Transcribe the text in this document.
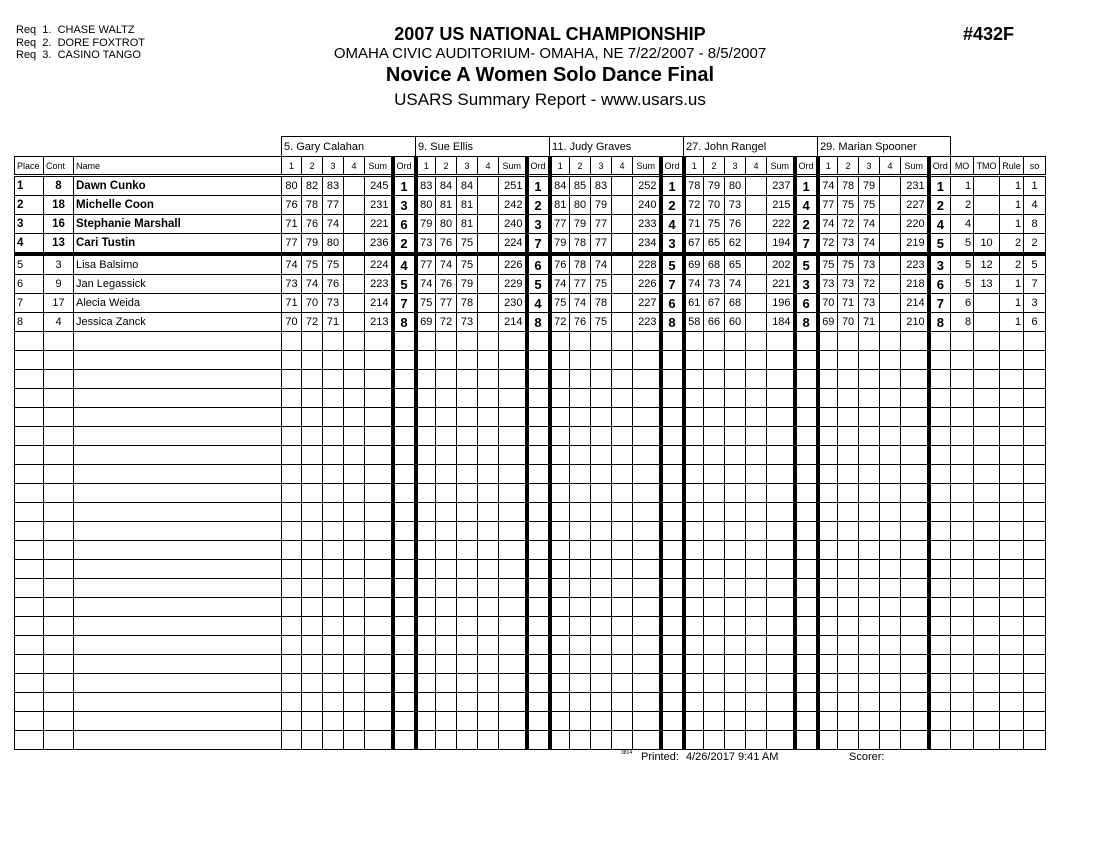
Req  1.  CHASE WALTZ
Req  2.  DORE FOXTROT
Req  3.  CASINO TANGO
2007 US NATIONAL CHAMPIONSHIP
OMAHA CIVIC AUDITORIUM- OMAHA, NE 7/22/2007 - 8/5/2007
Novice A Women Solo Dance Final
USARS Summary Report - www.usars.us
#432F
			5. Gary Calahan						9. Sue Ellis						11. Judy Graves						27. John Rangel						29. Marian Spooner									
Place	Cont	Name	1	2	3	4	Sum	Ord	1	2	3	4	Sum	Ord	1	2	3	4	Sum	Ord	1	2	3	4	Sum	Ord	1	2	3	4	Sum	Ord	MO	TMO	Rule	so
1	8	Dawn Cunko	80	82	83		245	1	83	84	84		251	1	84	85	83		252	1	78	79	80		237	1	74	78	79		231	1	1		1	1
2	18	Michelle Coon	76	78	77		231	3	80	81	81		242	2	81	80	79		240	2	72	70	73		215	4	77	75	75		227	2	2		1	4
3	16	Stephanie Marshall	71	76	74		221	6	79	80	81		240	3	77	79	77		233	4	71	75	76		222	2	74	72	74		220	4	4		1	8
4	13	Cari Tustin	77	79	80		236	2	73	76	75		224	7	79	78	77		234	3	67	65	62		194	7	72	73	74		219	5	5	10	2	2
5	3	Lisa Balsimo	74	75	75		224	4	77	74	75		226	6	76	78	74		228	5	69	68	65		202	5	75	75	73		223	3	5	12	2	5
6	9	Jan Legassick	73	74	76		223	5	74	76	79		229	5	74	77	75		226	7	74	73	74		221	3	73	73	72		218	6	5	13	1	7
7	17	Alecia Weida	71	70	73		214	7	75	77	78		230	4	75	74	78		227	6	61	67	68		196	6	70	71	73		214	7	6		1	3
8	4	Jessica Zanck	70	72	71		213	8	69	72	73		214	8	72	76	75		223	8	58	66	60		184	8	69	70	71		210	8	8		1	6

3814 Printed: 4/26/2017 9:41 AM	Scorer:
